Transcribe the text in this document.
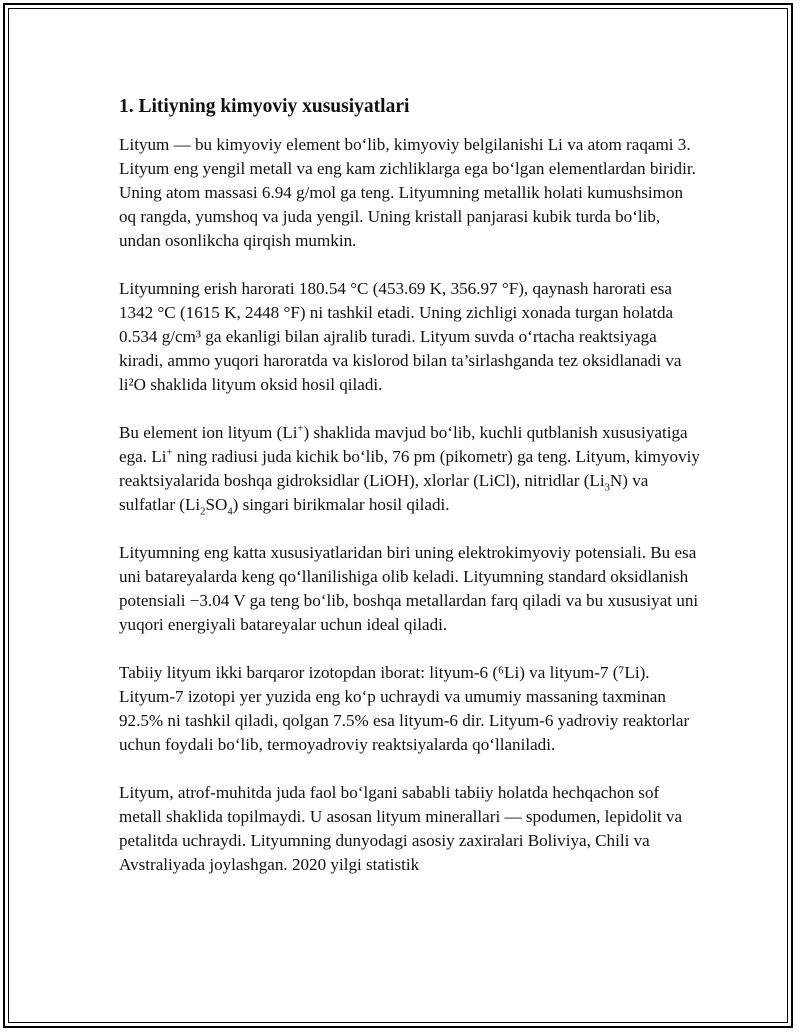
1. Litiyning kimyoviy xususiyatlari

Lityum — bu kimyoviy element bo‘lib, kimyoviy belgilanishi Li va atom raqami 3. Lityum eng yengil metall va eng kam zichliklarga ega bo‘lgan elementlardan biridir. Uning atom massasi 6.94 g/mol ga teng. Lityumning metallik holati kumushsimon oq rangda, yumshoq va juda yengil. Uning kristall panjarasi kubik turda bo‘lib, undan osonlikcha qirqish mumkin.

Lityumning erish harorati 180.54 °C (453.69 K, 356.97 °F), qaynash harorati esa 1342 °C (1615 K, 2448 °F) ni tashkil etadi. Uning zichligi xonada turgan holatda 0.534 g/cm³ ga ekanligi bilan ajralib turadi. Lityum suvda o‘rtacha reaktsiyaga kiradi, ammo yuqori haroratda va kislorod bilan ta’sirlashganda tez oksidlanadi va li²O shaklida lityum oksid hosil qiladi.

Bu element ion lityum (Li+) shaklida mavjud bo‘lib, kuchli qutblanish xususiyatiga ega. Li+ ning radiusi juda kichik bo‘lib, 76 pm (pikometr) ga teng. Lityum, kimyoviy reaktsiyalarida boshqa gidroksidlar (LiOH), xlorlar (LiCl), nitridlar $(Li_3N)$ va sulfatlar $(Li_2SO_4)$ singari birikmalar hosil qiladi.

Lityumning eng katta xususiyatlaridan biri uning elektrokimyoviy potensiali. Bu esa uni batareyalarda keng qo‘llanilishiga olib keladi. Lityumning standard oksidlanish potensiali −3.04 V ga teng bo‘lib, boshqa metallardan farq qiladi va bu xususiyat uni yuqori energiyali batareyalar uchun ideal qiladi.

Tabiiy lityum ikki barqaror izotopdan iborat: lityum-6 (⁶Li) va lityum-7 (⁷Li). Lityum-7 izotopi yer yuzida eng ko‘p uchraydi va umumiy massaning taxminan 92.5% ni tashkil qiladi, qolgan 7.5% esa lityum-6 dir. Lityum-6 yadroviy reaktorlar uchun foydali bo‘lib, termoyadroviy reaktsiyalarda qo‘llaniladi.

Lityum, atrof-muhitda juda faol bo‘lgani sababli tabiiy holatda hechqachon sof metall shaklida topilmaydi. U asosan lityum minerallari — spodumen, lepidolit va petalitda uchraydi. Lityumning dunyodagi asosiy zaxiralari Boliviya, Chili va Avstraliyada joylashgan. 2020 yilgi statistik
